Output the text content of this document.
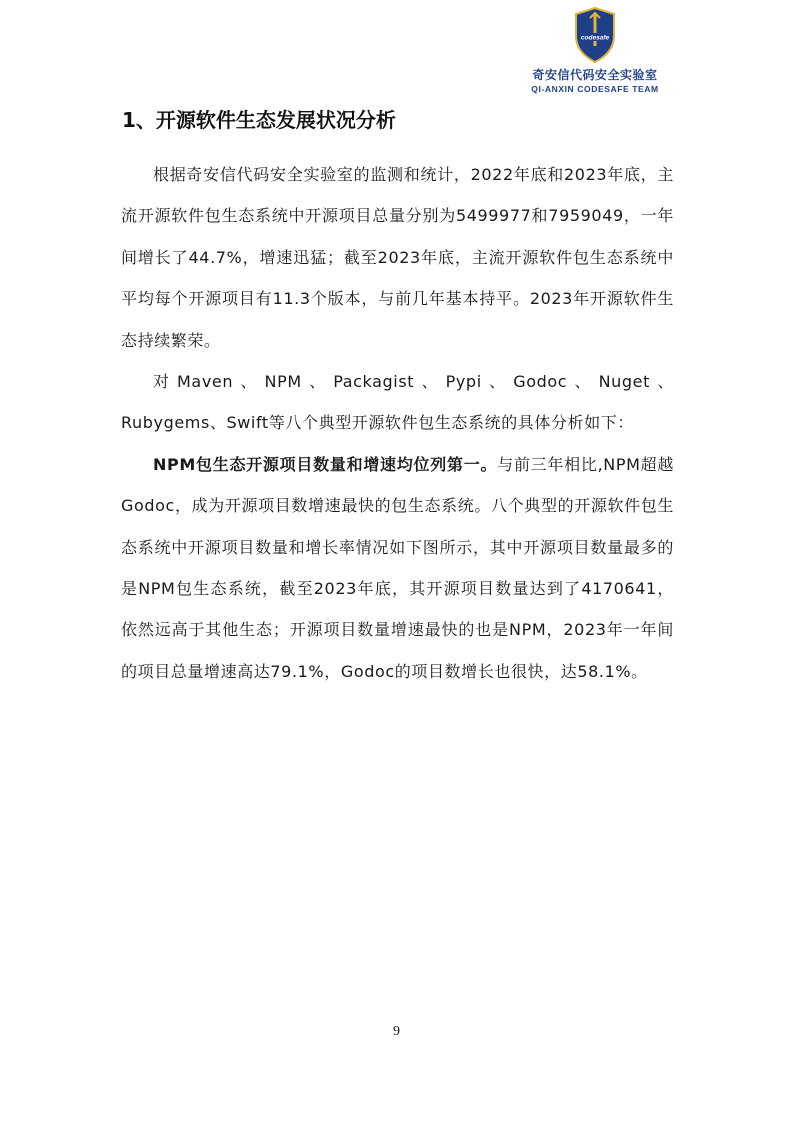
codesafe
奇安信代码安全实验室
QI-ANXIN CODESAFE TEAM
1、开源软件生态发展状况分析

根据奇安信代码安全实验室的监测和统计，2022年底和2023年底，主流开源软件包生态系统中开源项目总量分别为5499977和7959049，一年间增长了44.7%，增速迅猛；截至2023年底，主流开源软件包生态系统中平均每个开源项目有11.3个版本，与前几年基本持平。2023年开源软件生态持续繁荣。

对Maven、NPM、Packagist、Pypi、Godoc、Nuget、Rubygems、Swift等八个典型开源软件包生态系统的具体分析如下：

NPM包生态开源项目数量和增速均位列第一。与前三年相比,NPM超越Godoc，成为开源项目数增速最快的包生态系统。八个典型的开源软件包生态系统中开源项目数量和增长率情况如下图所示，其中开源项目数量最多的是NPM包生态系统，截至2023年底，其开源项目数量达到了4170641，依然远高于其他生态；开源项目数量增速最快的也是NPM，2023年一年间的项目总量增速高达79.1%，Godoc的项目数增长也很快，达58.1%。

9
